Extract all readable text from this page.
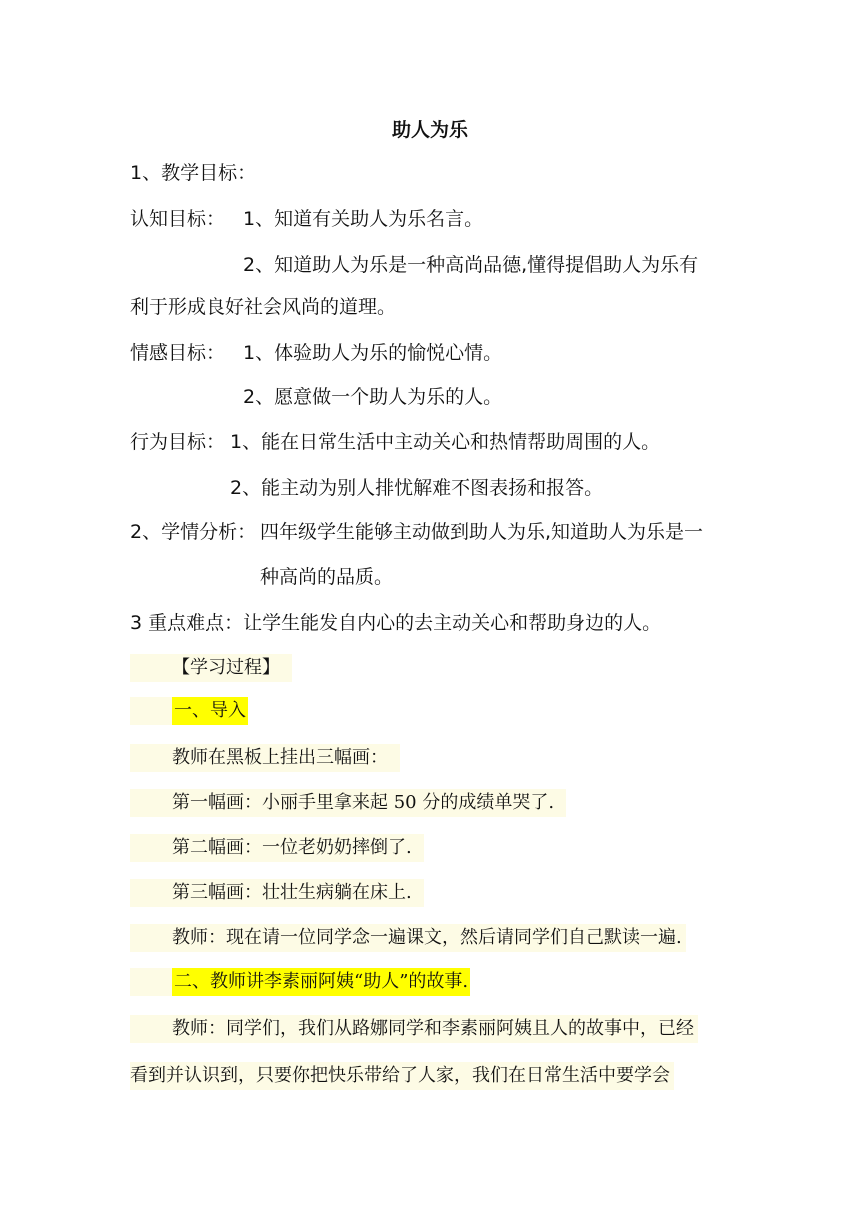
助人为乐
1、教学目标：
认知目标： 1、知道有关助人为乐名言。
2、知道助人为乐是一种高尚品德,懂得提倡助人为乐有
利于形成良好社会风尚的道理。
情感目标： 1、体验助人为乐的愉悦心情。
2、愿意做一个助人为乐的人。
行为目标： 1、能在日常生活中主动关心和热情帮助周围的人。
2、能主动为别人排忧解难不图表扬和报答。
2、学情分析： 四年级学生能够主动做到助人为乐,知道助人为乐是一
种高尚的品质。
3 重点难点：让学生能发自内心的去主动关心和帮助身边的人。
【学习过程】
一、导入
教师在黑板上挂出三幅画：
第一幅画：小丽手里拿来起 50 分的成绩单哭了.
第二幅画：一位老奶奶摔倒了.
第三幅画：壮壮生病躺在床上.
教师：现在请一位同学念一遍课文，然后请同学们自己默读一遍.
二、教师讲李素丽阿姨“助人”的故事.
教师：同学们，我们从路娜同学和李素丽阿姨且人的故事中，已经
看到并认识到，只要你把快乐带给了人家，我们在日常生活中要学会
